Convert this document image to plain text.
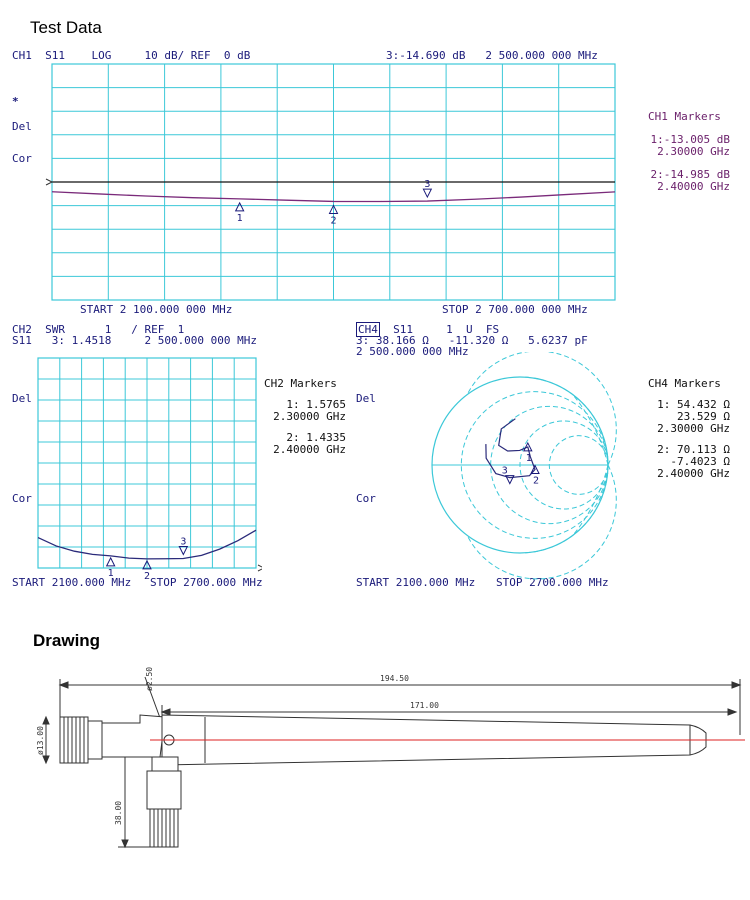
Test Data
Drawing
CH1  S11    LOG     10 dB/ REF  0 dB	3:-14.690 dB   2 500.000 000 MHz
*
Del
Cor
START 2 100.000 000 MHz	STOP 2 700.000 000 MHz
CH1 Markers
1:-13.005 dB
2.30000 GHz
2:-14.985 dB
2.40000 GHz
CH2  SWR      1   / REF  1
S11   3: 1.4518     2 500.000 000 MHz
Del
Cor
START 2100.000 MHz STOP 2700.000 MHz
CH2 Markers
1: 1.5765
2.30000 GHz
2: 1.4335
2.40000 GHz
CH4  S11     1  U  FS
3: 38.166 Ω   -11.320 Ω   5.6237 pF
2 500.000 000 MHz
Del
Cor
START 2100.000 MHz STOP 2700.000 MHz
CH4 Markers
1: 54.432 Ω
23.529 Ω
2.30000 GHz
2: 70.113 Ω
-7.4023 Ω
2.40000 GHz
1	2
3
1	2
3
1
2
3
194.50
171.00
ø2.50
ø13.00
38.00
